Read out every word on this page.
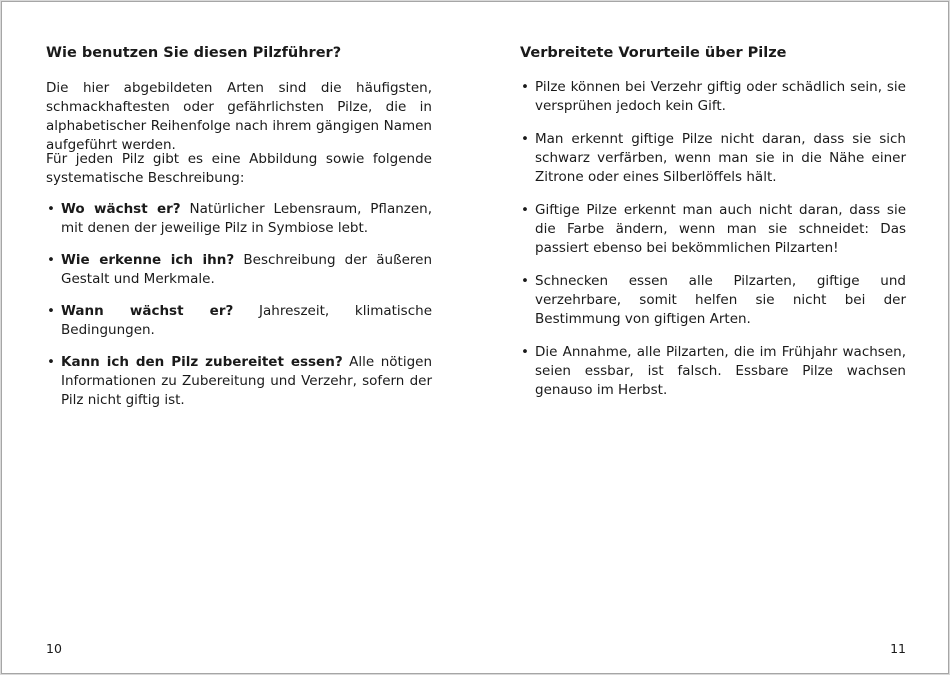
Wie benutzen Sie diesen Pilzführer?

Die hier abgebildeten Arten sind die häufigsten, schmackhaftesten oder gefährlichsten Pilze, die in alphabetischer Reihenfolge nach ihrem gängigen Namen aufgeführt werden.

Für jeden Pilz gibt es eine Abbildung sowie folgende systematische Beschreibung:

• Wo wächst er? Natürlicher Lebensraum, Pflanzen, mit denen der jeweilige Pilz in Symbiose lebt.
• Wie erkenne ich ihn? Beschreibung der äußeren Gestalt und Merkmale.
• Wann wächst er? Jahreszeit, klimatische Bedingungen.
• Kann ich den Pilz zubereitet essen? Alle nötigen Informationen zu Zubereitung und Verzehr, sofern der Pilz nicht giftig ist.
10
Verbreitete Vorurteile über Pilze
• Pilze können bei Verzehr giftig oder schädlich sein, sie versprühen jedoch kein Gift.
• Man erkennt giftige Pilze nicht daran, dass sie sich schwarz verfärben, wenn man sie in die Nähe einer Zitrone oder eines Silberlöffels hält.
• Giftige Pilze erkennt man auch nicht daran, dass sie die Farbe ändern, wenn man sie schneidet: Das passiert ebenso bei bekömmlichen Pilzarten!
• Schnecken essen alle Pilzarten, giftige und verzehrbare, somit helfen sie nicht bei der Bestimmung von giftigen Arten.
• Die Annahme, alle Pilzarten, die im Frühjahr wachsen, seien essbar, ist falsch. Essbare Pilze wachsen genauso im Herbst.
11
